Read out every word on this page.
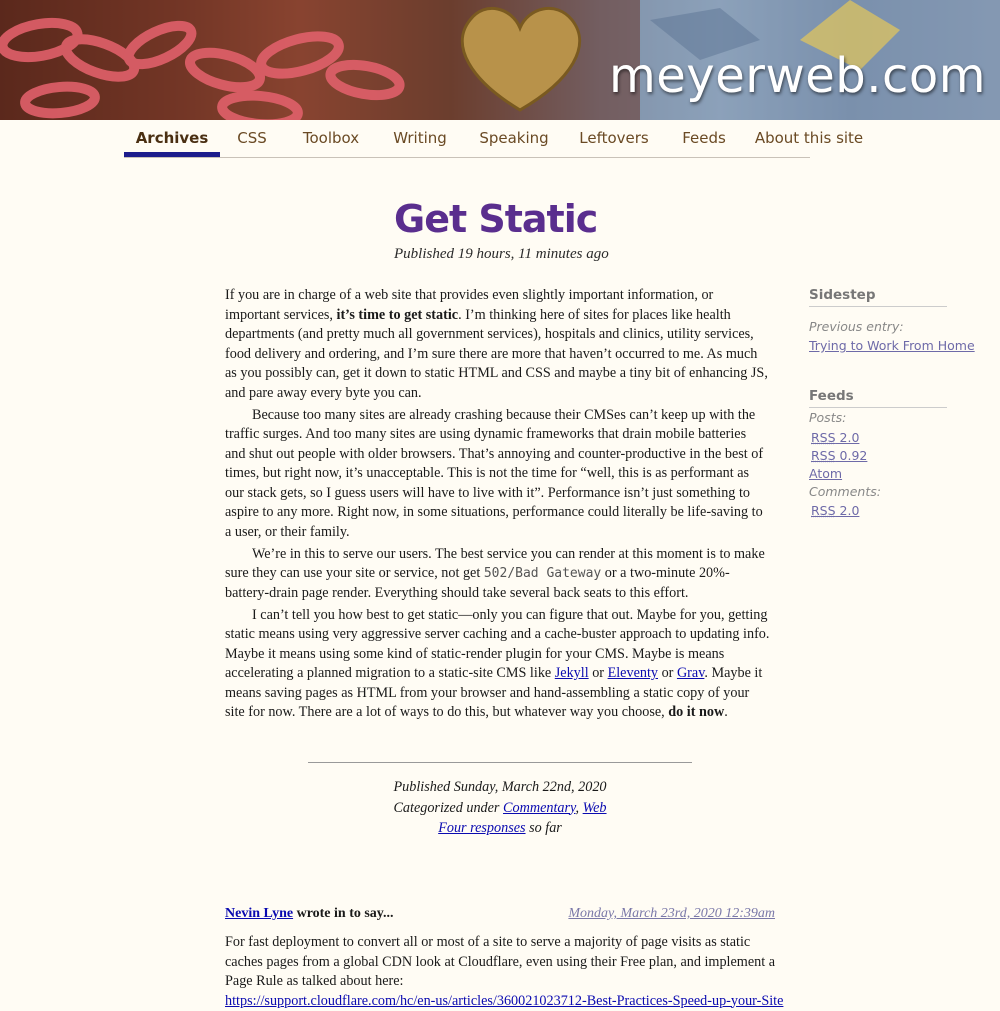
meyerweb.com
Archives	CSS	Toolbox	Writing	Speaking	Leftovers	Feeds	About this site
Get Static
Published 19 hours, 11 minutes ago

If you are in charge of a web site that provides even slightly important information, or important services, it’s time to get static. I’m thinking here of sites for places like health departments (and pretty much all government services), hospitals and clinics, utility services, food delivery and ordering, and I’m sure there are more that haven’t occurred to me. As much as you possibly can, get it down to static HTML and CSS and maybe a tiny bit of enhancing JS, and pare away every byte you can.

Because too many sites are already crashing because their CMSes can’t keep up with the traffic surges. And too many sites are using dynamic frameworks that drain mobile batteries and shut out people with older browsers. That’s annoying and counter-productive in the best of times, but right now, it’s unacceptable. This is not the time for “well, this is as performant as our stack gets, so I guess users will have to live with it”. Performance isn’t just something to aspire to any more. Right now, in some situations, performance could literally be life-saving to a user, or their family.

We’re in this to serve our users. The best service you can render at this moment is to make sure they can use your site or service, not get 502/Bad Gateway or a two-minute 20%-battery-drain page render. Everything should take several back seats to this effort.

I can’t tell you how best to get static—only you can figure that out. Maybe for you, getting static means using very aggressive server caching and a cache-buster approach to updating info. Maybe it means using some kind of static-render plugin for your CMS. Maybe is means accelerating a planned migration to a static-site CMS like Jekyll or Eleventy or Grav. Maybe it means saving pages as HTML from your browser and hand-assembling a static copy of your site for now. There are a lot of ways to do this, but whatever way you choose, do it now.

Published Sunday, March 22nd, 2020
Categorized under Commentary, Web
Four responses so far
Nevin Lyne wrote in to say...	Monday, March 23rd, 2020 12:39am
For fast deployment to convert all or most of a site to serve a majority of page visits as static caches pages from a global CDN look at Cloudflare, even using their Free plan, and implement a Page Rule as talked about here:
https://support.cloudflare.com/hc/en-us/articles/360021023712-Best-Practices-Speed-up-your-Site
Sidestep
Previous entry:
Trying to Work From Home
Feeds
Posts:
RSS 2.0
RSS 0.92
Atom
Comments:
RSS 2.0
